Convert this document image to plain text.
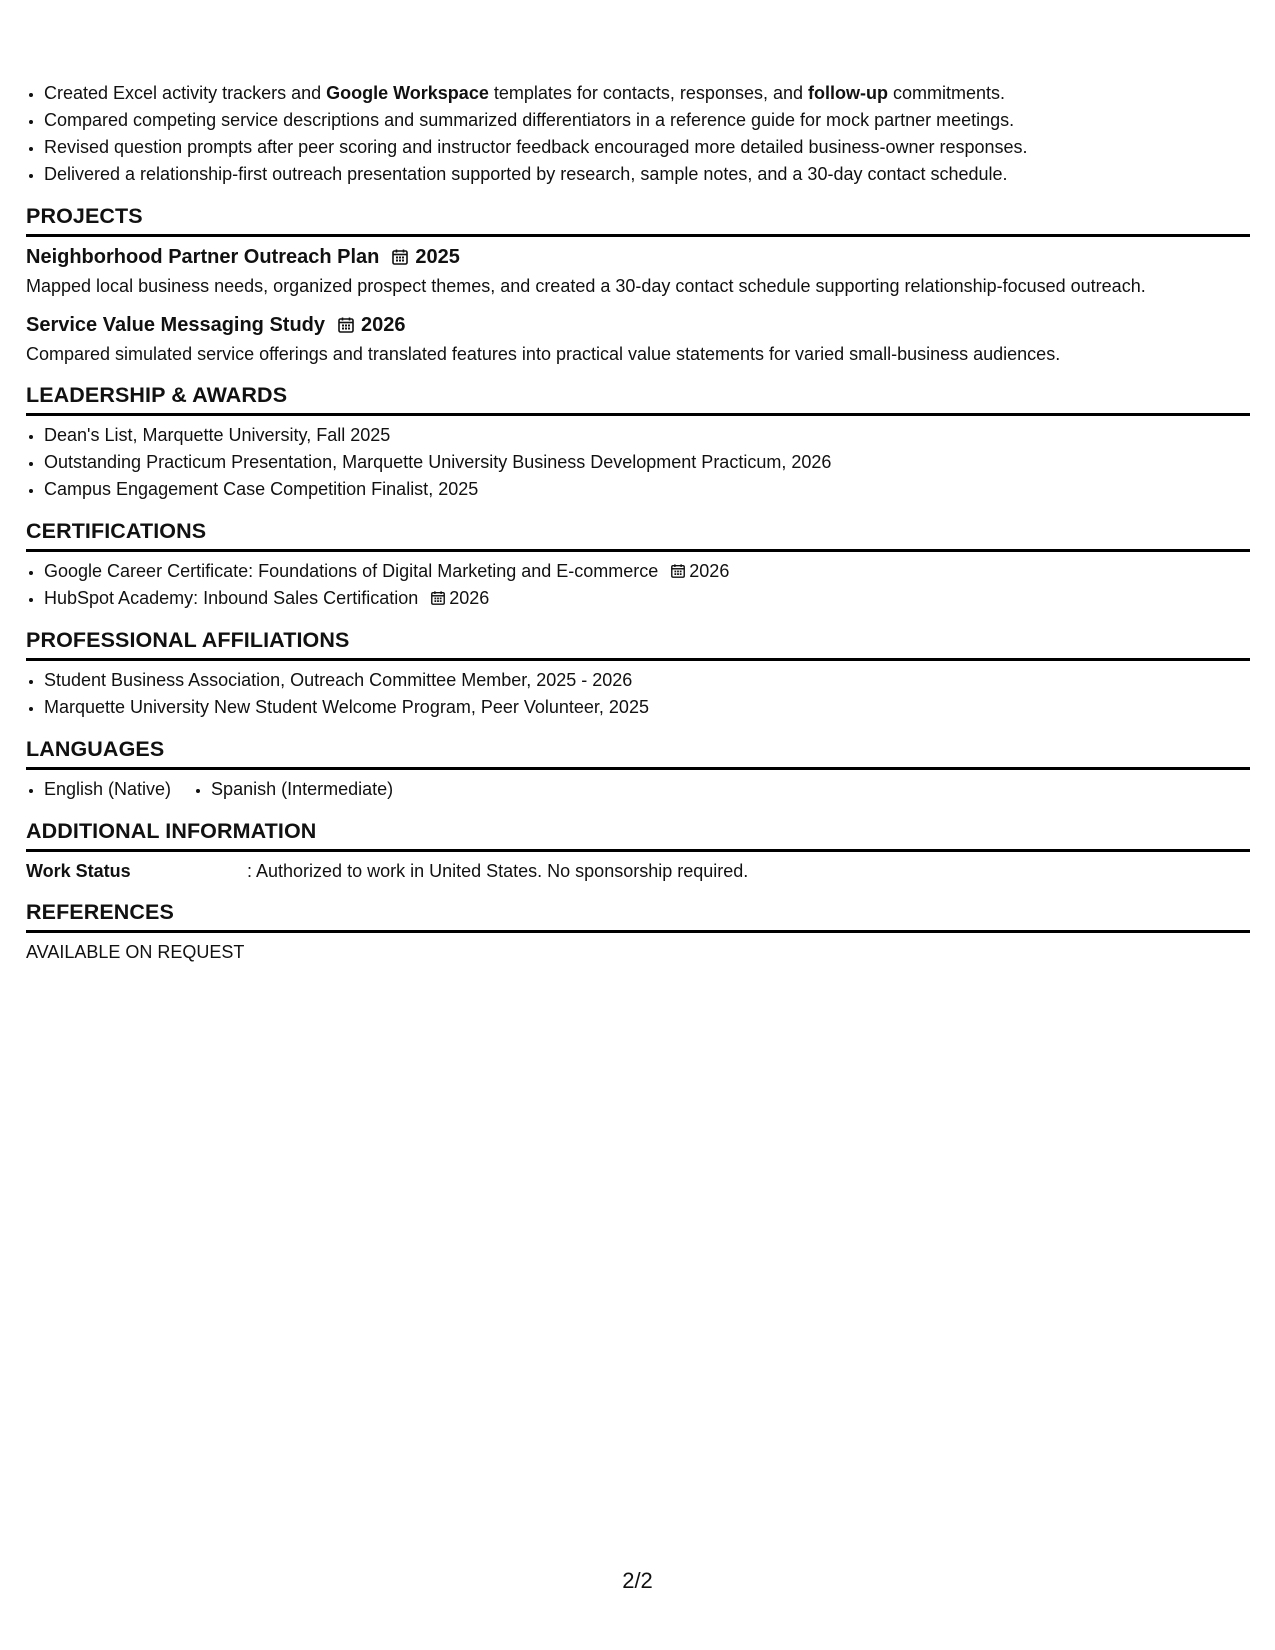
• Created Excel activity trackers and Google Workspace templates for contacts, responses, and follow-up commitments.
• Compared competing service descriptions and summarized differentiators in a reference guide for mock partner meetings.
• Revised question prompts after peer scoring and instructor feedback encouraged more detailed business-owner responses.
• Delivered a relationship-first outreach presentation supported by research, sample notes, and a 30-day contact schedule.
PROJECTS
Neighborhood Partner Outreach Plan 2025

Mapped local business needs, organized prospect themes, and created a 30-day contact schedule supporting relationship-focused outreach.

Service Value Messaging Study 2026

Compared simulated service offerings and translated features into practical value statements for varied small-business audiences.

LEADERSHIP & AWARDS
• Dean's List, Marquette University, Fall 2025
• Outstanding Practicum Presentation, Marquette University Business Development Practicum, 2026
• Campus Engagement Case Competition Finalist, 2025
CERTIFICATIONS
• Google Career Certificate: Foundations of Digital Marketing and E-commerce 2026
• HubSpot Academy: Inbound Sales Certification 2026
PROFESSIONAL AFFILIATIONS
• Student Business Association, Outreach Committee Member, 2025 - 2026
• Marquette University New Student Welcome Program, Peer Volunteer, 2025
LANGUAGES
• English (Native)
• Spanish (Intermediate)
ADDITIONAL INFORMATION
Work Status	: Authorized to work in United States. No sponsorship required.
REFERENCES

AVAILABLE ON REQUEST

2/2
